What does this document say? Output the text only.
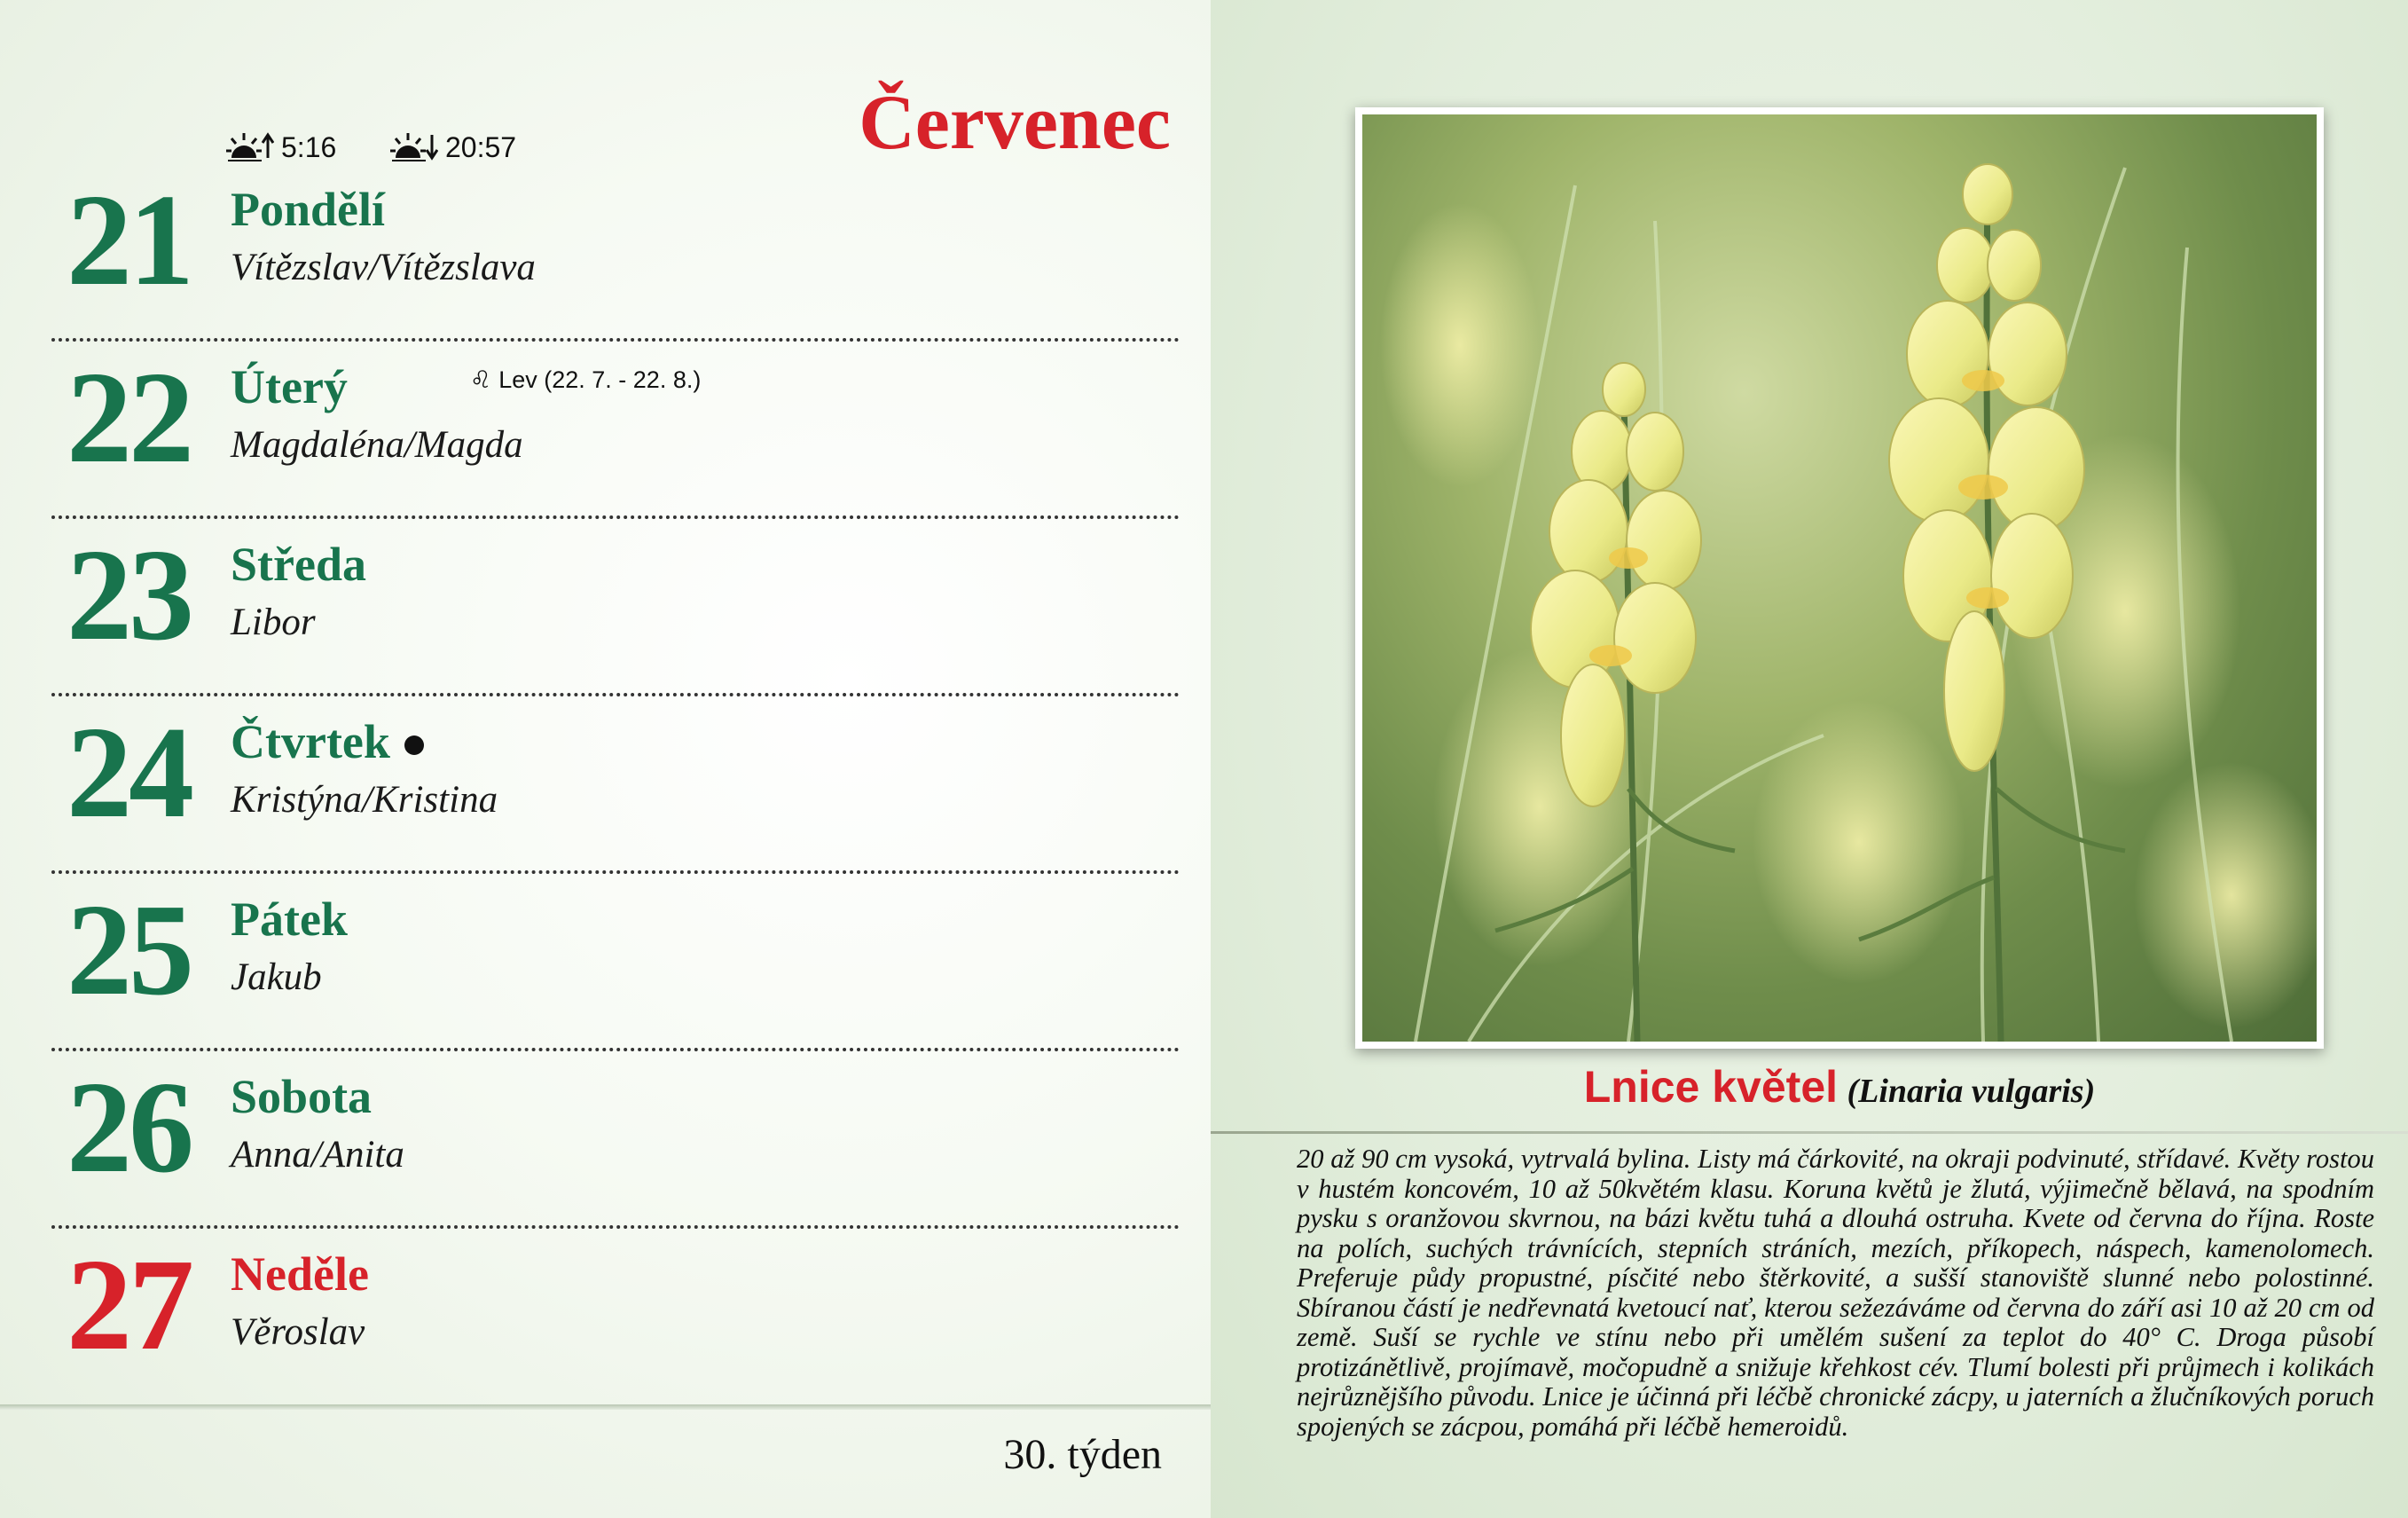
Červenec
5:16	20:57
21 Pondělí
Vítězslav/Vítězslava
22 Úterý	♌ Lev (22. 7. - 22. 8.)
Magdaléna/Magda
23 Středa
Libor
24 Čtvrtek
Kristýna/Kristina
25 Pátek
Jakub
26 Sobota
Anna/Anita
27 Neděle
Věroslav
30. týden
Lnice květel (Linaria vulgaris)
20 až 90 cm vysoká, vytrvalá bylina. Listy má čárkovité, na okraji podvinuté, střídavé. Květy rostou v hustém koncovém, 10 až 50květém klasu. Koruna květů je žlutá, výjimečně bělavá, na spodním pysku s oranžovou skvrnou, na bázi květu tuhá a dlouhá ostruha. Kvete od června do října. Roste na polích, suchých trávnících, stepních stráních, mezích, příkopech, náspech, kamenolomech. Preferuje půdy propustné, písčité nebo štěrkovité, a sušší stanoviště slunné nebo polostinné. Sbíranou částí je nedřevnatá kvetoucí nať, kterou sežezáváme od června do září asi 10 až 20 cm od země. Suší se rychle ve stínu nebo při umělém sušení za teplot do 40° C. Droga působí protizánětlivě, projímavě, močopudně a snižuje křehkost cév. Tlumí bolesti při průjmech i kolikách nejrůznějšího původu. Lnice je účinná při léčbě chronické zácpy, u jaterních a žlučníkových poruch spojených se zácpou, pomáhá při léčbě hemeroidů.
